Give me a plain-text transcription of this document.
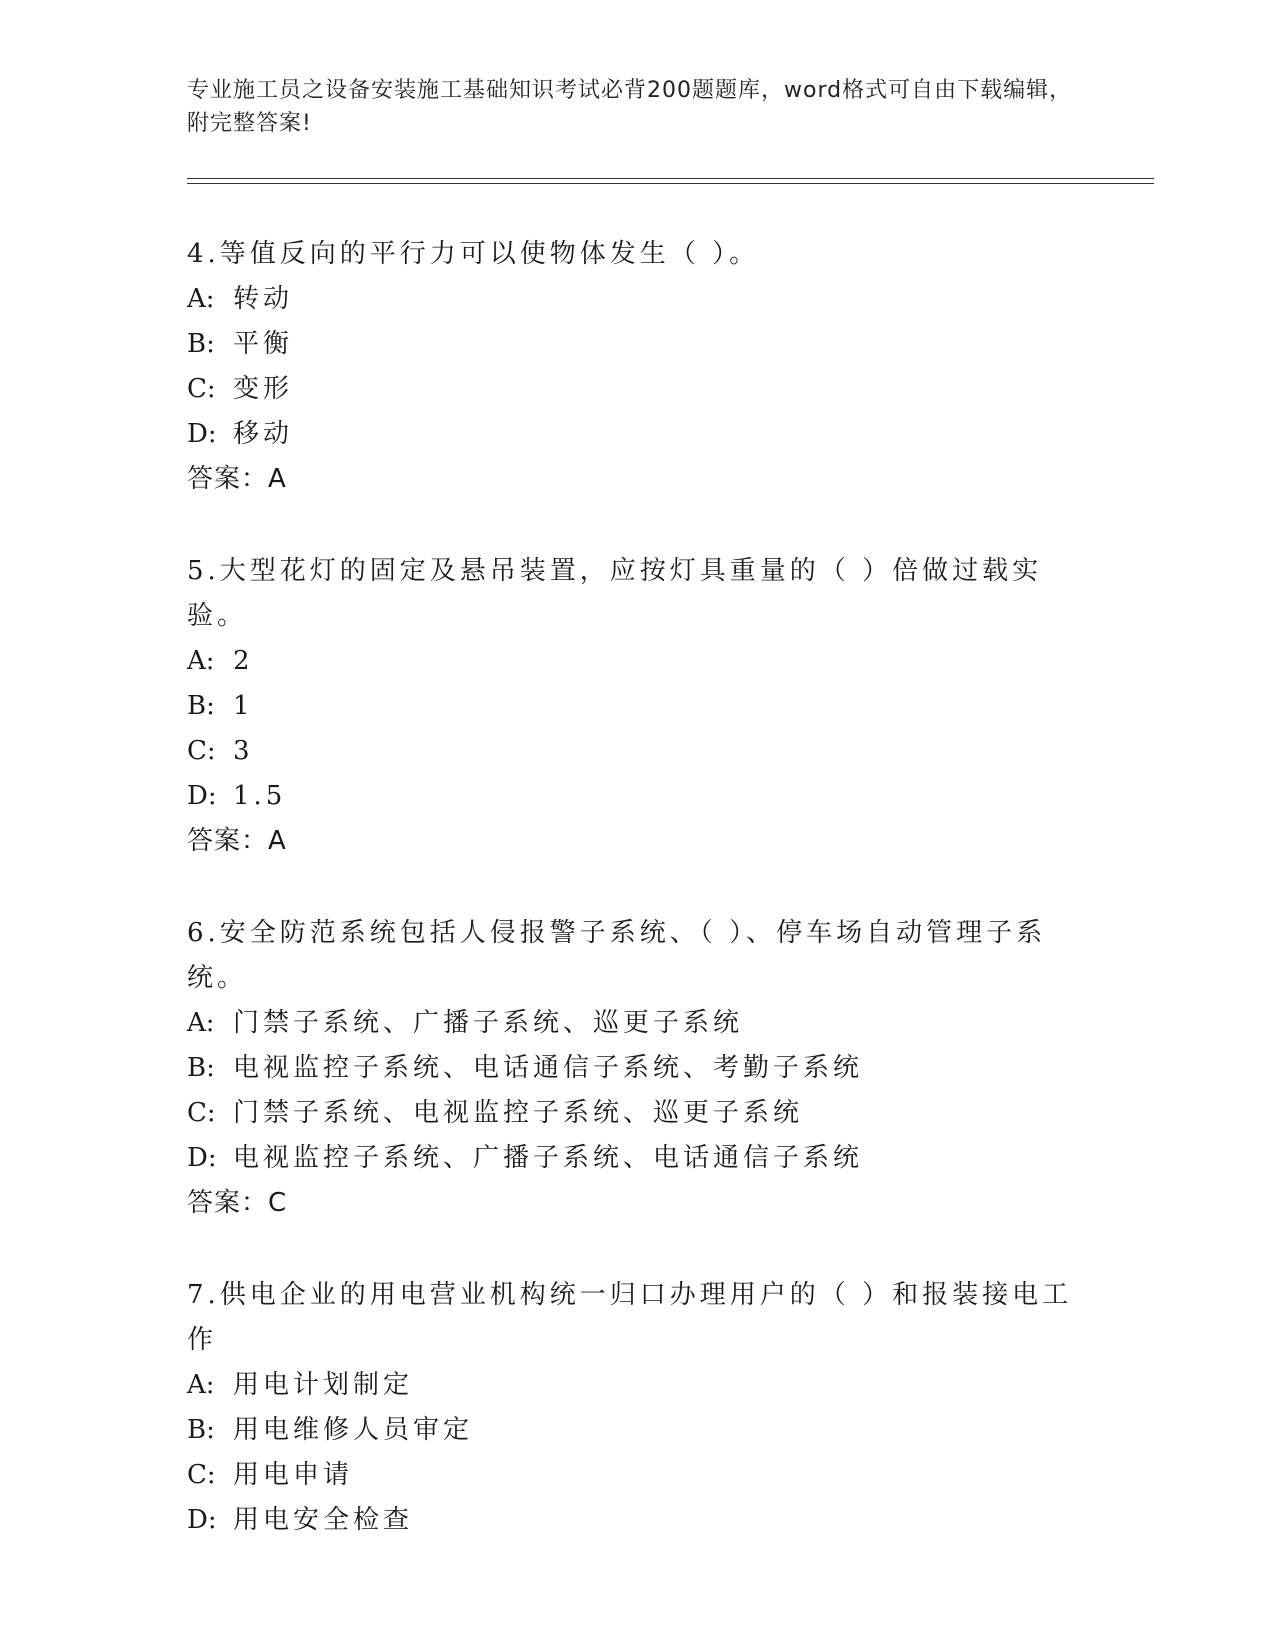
专业施工员之设备安装施工基础知识考试必背200题题库，word格式可自由下载编辑，附完整答案!
4.等值反向的平行力可以使物体发生（ ）。
A: 转动
B: 平衡
C: 变形
D: 移动
答案：A
5.大型花灯的固定及悬吊装置，应按灯具重量的（ ）倍做过载实验。
A: 2
B: 1
C: 3
D: 1.5
答案：A
6.安全防范系统包括人侵报警子系统、（ ）、停车场自动管理子系统。
A: 门禁子系统、广播子系统、巡更子系统
B: 电视监控子系统、电话通信子系统、考勤子系统
C: 门禁子系统、电视监控子系统、巡更子系统
D: 电视监控子系统、广播子系统、电话通信子系统
答案：C
7.供电企业的用电营业机构统一归口办理用户的（ ）和报装接电工作
A: 用电计划制定
B: 用电维修人员审定
C: 用电申请
D: 用电安全检查
